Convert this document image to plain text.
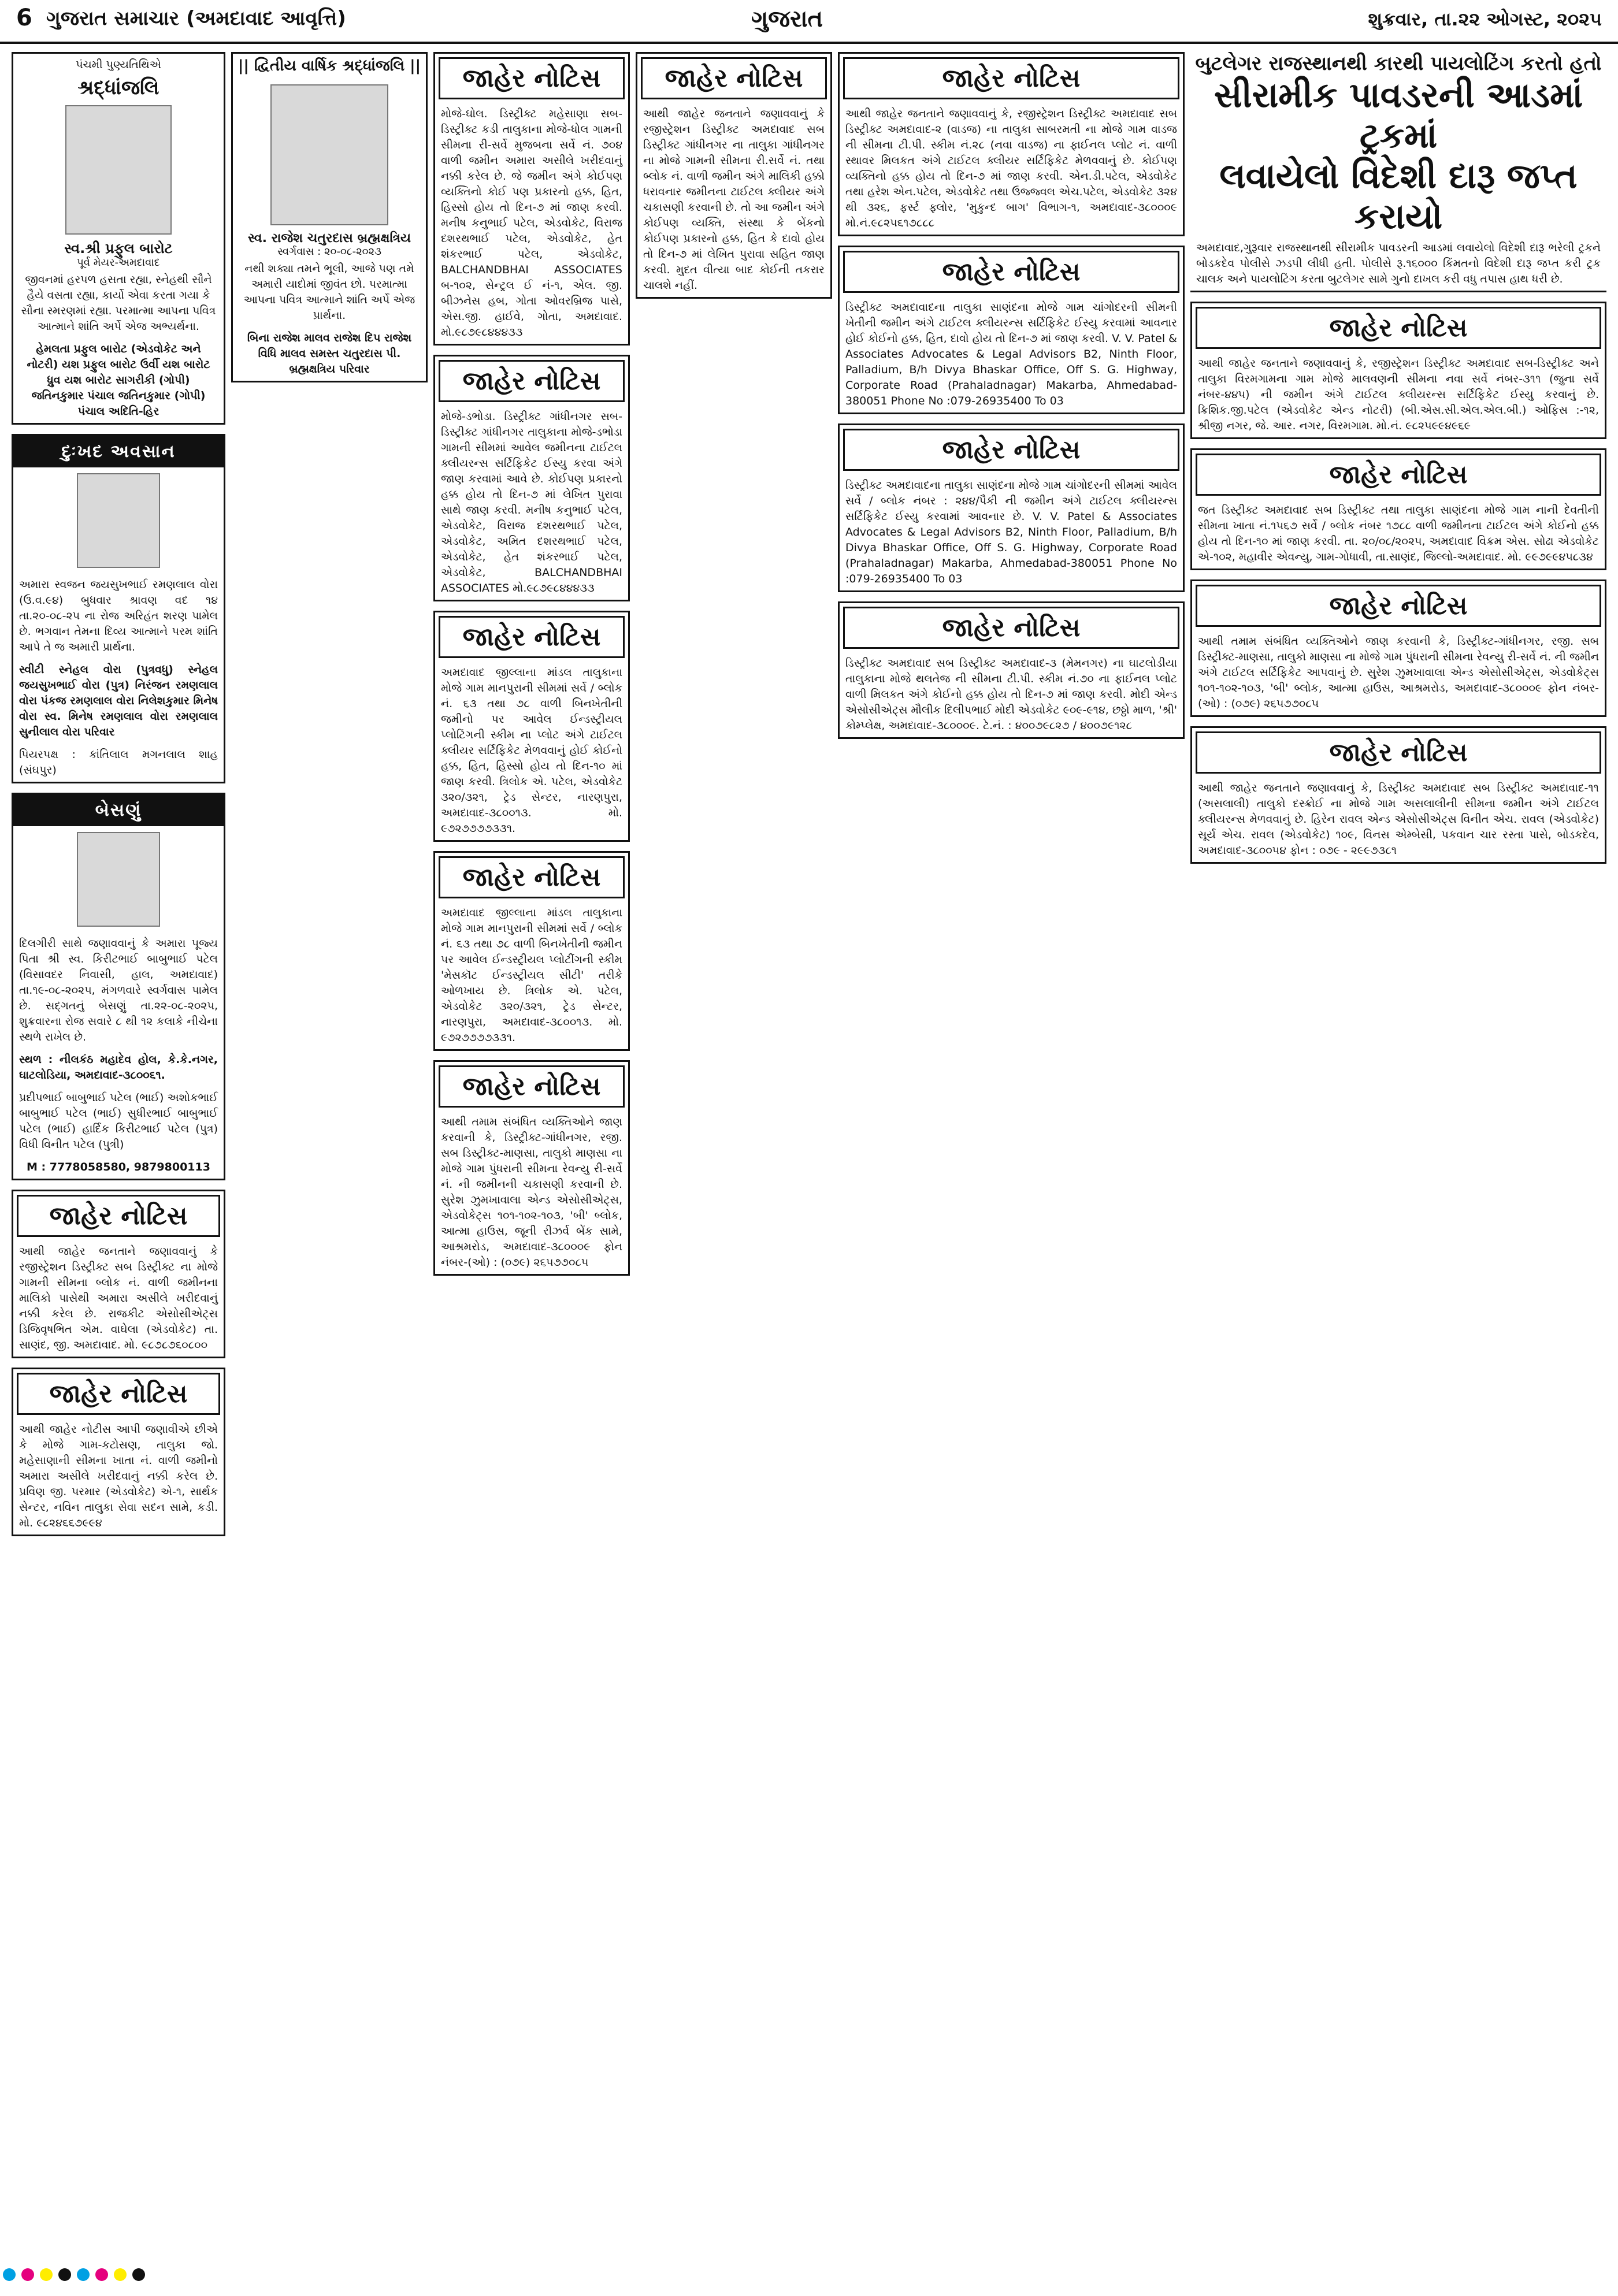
6 ગુજરાત સમાચાર (અમદાવાદ આવૃત્તિ)	ગુજરાત	શુક્રવાર, તા.૨૨ ઓગસ્ટ, ૨૦૨૫
પંચમી પુણ્યતિથિએ
શ્રદ્ધાંજલિ
સ્વ.શ્રી પ્રફુલ બારોટ
પૂર્વ મેયર-અમદાવાદ
જીવનમાં હરપળ હસતા રહ્યા, સ્નેહથી સૌને હૈયે વસતા રહ્યા, કાર્યો એવા કરતા ગયા કે સૌના સ્મરણમાં રહ્યા. પરમાત્મા આપના પવિત્ર આત્માને શાંતિ અર્પે એજ અભ્યર્થના.
હેમલતા પ્રફુલ બારોટ (એડવોકેટ અને નોટરી) યશ પ્રફુલ બારોટ ઉર્વી યશ બારોટ ધ્રુવ યશ બારોટ સાગરીકી (ગોપી) જતિનકુમાર પંચાલ જતિનકુમાર (ગોપી) પંચાલ અદિતિ-હિર
દુઃખદ અવસાન
અમારા સ્વજન જયસુખભાઈ રમણલાલ વોરા (ઉ.વ.૯૪) બુધવાર શ્રાવણ વદ ૧૪ તા.૨૦-૦૮-૨૫ ના રોજ અરિહંત શરણ પામેલ છે. ભગવાન તેમના દિવ્ય આત્માને પરમ શાંતિ આપે તે જ અમારી પ્રાર્થના.
સ્વીટી સ્નેહલ વોરા (પુત્રવધુ) સ્નેહલ જયસુખભાઈ વોરા (પુત્ર) નિરંજન રમણલાલ વોરા પંકજ રમણલાલ વોરા નિલેશકુમાર મિનેષ વોરા સ્વ. મિનેષ રમણલાલ વોરા રમણલાલ સુનીલાલ વોરા પરિવાર
પિયરપક્ષ : કાંતિલાલ મગનલાલ શાહ (સંઘપુર)
બેસણું
દિલગીરી સાથે જણાવવાનું કે અમારા પૂજ્ય પિતા શ્રી સ્વ. કિરીટભાઈ બાબુભાઈ પટેલ (વિસાવદર નિવાસી, હાલ, અમદાવાદ) તા.૧૯-૦૮-૨૦૨૫, મંગળવારે સ્વર્ગવાસ પામેલ છે. સદ્‌ગતનું બેસણું તા.૨૨-૦૮-૨૦૨૫, શુક્રવારના રોજ સવારે ૮ થી ૧૨ કલાકે નીચેના સ્થળે રાખેલ છે.
સ્થળ : નીલકંઠ મહાદેવ હોલ, કે.કે.નગર, ઘાટલોડિયા, અમદાવાદ-૩૮૦૦૬૧.
પ્રદીપભાઈ બાબુભાઈ પટેલ (ભાઈ) અશોકભાઈ બાબુભાઈ પટેલ (ભાઈ) સુધીરભાઈ બાબુભાઈ પટેલ (ભાઈ) હાર્દિક કિરીટભાઈ પટેલ (પુત્ર) વિધી વિનીત પટેલ (પુત્રી)
M : 7778058580, 9879800113
જાહેર નોટિસ
આથી જાહેર જનતાને જણાવવાનું કે રજીસ્ટ્રેશન ડિસ્ટ્રીક્ટ સબ ડિસ્ટ્રીક્ટ ના મોજે ગામની સીમના બ્લોક નં. વાળી જમીનના માલિકો પાસેથી અમારા અસીલે ખરીદવાનું નક્કી કરેલ છે. રાજકીટ એસોસીએટ્સ ડિજિવૃષભિત એમ. વાઘેલા (એડવોકેટ) તા. સાણંદ, જી. અમદાવાદ. મો. ૯૮૭૮૭૬૦૮૦૦
જાહેર નોટિસ
આથી જાહેર નોટીસ આપી જણાવીએ છીએ કે મોજે ગામ-કટોસણ, તાલુકા જો. મહેસાણાની સીમના ખાતા નં. વાળી જમીનો અમારા અસીલે ખરીદવાનું નક્કી કરેલ છે. પ્રવિણ જી. પરમાર (એડવોકેટ) એ-૧, સાર્થક સેન્ટર, નવિન તાલુકા સેવા સદન સામે, કડી. મો. ૯૮૨૪૬૬૭૯૯૪
|| દ્વિતીય વાર્ષિક શ્રદ્ધાંજલિ ||
સ્વ. રાજેશ ચતુરદાસ બ્રહ્મક્ષત્રિય
સ્વર્ગવાસ : ૨૦-૦૮-૨૦૨૩
નથી શક્યા તમને ભૂલી, આજે પણ તમે અમારી યાદોમાં જીવંત છો. પરમાત્મા આપના પવિત્ર આત્માને શાંતિ અર્પે એજ પ્રાર્થના.
બિના રાજેશ માલવ રાજેશ દિપ રાજેશ વિધિ માલવ સમસ્ત ચતુરદાસ પી. બ્રહ્મક્ષત્રિય પરિવાર
જાહેર નોટિસ
મોજે-ઘોલ. ડિસ્ટ્રીક્ટ મહેસાણા સબ-ડિસ્ટ્રીક્ટ કડી તાલુકાના મોજે-ધોલ ગામની સીમના રી-સર્વે મુજબના સર્વે નં. ૭૦૪ વાળી જમીન અમારા અસીલે ખરીદવાનું નક્કી કરેલ છે. જે જમીન અંગે કોઈપણ વ્યક્તિનો કોઈ પણ પ્રકારનો હક્ક, હિત, હિસ્સો હોય તો દિન-૭ માં જાણ કરવી. મનીષ કનુભાઈ પટેલ, એડવોકેટ, વિરાજ દશરથભાઈ પટેલ, એડવોકેટ, હેત શંકરભાઈ પટેલ, એડવોકેટ, BALCHANDBHAI ASSOCIATES બ-૧૦૨, સેન્ટ્રલ ઈ નં-૧, એલ. જી. બીઝનેસ હબ, ગોતા ઓવરબ્રિજ પાસે, એસ.જી. હાઈવે, ગોતા, અમદાવાદ. મો.૯૮૭૯૮૪૪૪૩૩
જાહેર નોટિસ
મોજે-ડભોડા. ડિસ્ટ્રીક્ટ ગાંધીનગર સબ-ડિસ્ટ્રીક્ટ ગાંધીનગર તાલુકાના મોજે-ડભોડા ગામની સીમમાં આવેલ જમીનના ટાઈટલ ક્લીયરન્સ સર્ટિફિકેટ ઈસ્યુ કરવા અંગે જાણ કરવામાં આવે છે. કોઈપણ પ્રકારનો હક્ક હોય તો દિન-૭ માં લેખિત પુરાવા સાથે જાણ કરવી. મનીષ કનુભાઈ પટેલ, એડવોકેટ, વિરાજ દશરથભાઈ પટેલ, એડવોકેટ, અમિત દશરથભાઈ પટેલ, એડવોકેટ, હેત શંકરભાઈ પટેલ, એડવોકેટ, BALCHANDBHAI ASSOCIATES મો.૯૮૭૯૮૪૪૪૩૩
જાહેર નોટિસ
અમદાવાદ જીલ્લાના માંડલ તાલુકાના મોજે ગામ માનપુરાની સીમમાં સર્વે / બ્લોક નં. ૬૩ તથા ૭૮ વાળી બિનખેતીની જમીનો પર આવેલ ઈન્ડસ્ટ્રીયલ પ્લોટિંગની સ્કીમ ના પ્લોટ અંગે ટાઈટલ ક્લીયર સર્ટિફિકેટ મેળવવાનું હોઈ કોઈનો હક્ક, હિત, હિસ્સો હોય તો દિન-૧૦ માં જાણ કરવી. ત્રિલોક એ. પટેલ, એડવોકેટ ૩૨૦/૩૨૧, ટ્રેડ સેન્ટર, નારણપુરા, અમદાવાદ-૩૮૦૦૧૩. મો. ૯૭૨૭૭૭૭૩૩૧.
જાહેર નોટિસ
અમદાવાદ જીલ્લાના માંડલ તાલુકાના મોજે ગામ માનપુરાની સીમમાં સર્વે / બ્લોક નં. ૬૩ તથા ૭૮ વાળી બિનખેતીની જમીન પર આવેલ ઈન્ડસ્ટ્રીયલ પ્લોટીંગની સ્કીમ 'મેસકૉટ ઈન્ડસ્ટ્રીયલ સીટી' તરીકે ઓળખાય છે. ત્રિલોક એ. પટેલ, એડવોકેટ ૩૨૦/૩૨૧, ટ્રેડ સેન્ટર, નારણપુરા, અમદાવાદ-૩૮૦૦૧૩. મો. ૯૭૨૭૭૭૭૩૩૧.
જાહેર નોટિસ
આથી તમામ સંબંધિત વ્યક્તિઓને જાણ કરવાની કે, ડિસ્ટ્રીક્ટ-ગાંધીનગર, રજી. સબ ડિસ્ટ્રીક્ટ-માણસા, તાલુકો માણસા ના મોજે ગામ પુંધરાની સીમના રેવન્યુ રી-સર્વે નં. ની જમીનની ચકાસણી કરવાની છે. સુરેશ ઝુમખાવાલા એન્ડ એસોસીએટ્સ, એડવોકેટ્સ ૧૦૧-૧૦૨-૧૦૩, 'બી' બ્લોક, આત્મા હાઉસ, જૂની રીઝર્વ બેંક સામે, આશ્રમરોડ, અમદાવાદ-૩૮૦૦૦૯ ફોન નંબર-(ઓ) : (૦૭૯) ૨૬૫૭૭૦૮૫
જાહેર નોટિસ
આથી જાહેર જનતાને જણાવવાનું કે રજીસ્ટ્રેશન ડિસ્ટ્રીક્ટ અમદાવાદ સબ ડિસ્ટ્રીક્ટ ગાંધીનગર ના તાલુકા ગાંધીનગર ના મોજે ગામની સીમના રી.સર્વે નં. તથા બ્લોક નં. વાળી જમીન અંગે માલિકી હક્કો ધરાવનાર જમીનના ટાઈટલ ક્લીયર અંગે ચકાસણી કરવાની છે. તો આ જમીન અંગે કોઈપણ વ્યક્તિ, સંસ્થા કે બેંકનો કોઈપણ પ્રકારનો હક્ક, હિત કે દાવો હોય તો દિન-૭ માં લેખિત પુરાવા સહિત જાણ કરવી. મુદત વીત્યા બાદ કોઈની તકરાર ચાલશે નહીં.
જાહેર નોટિસ
આથી જાહેર જનતાને જણાવવાનું કે, રજીસ્ટ્રેશન ડિસ્ટ્રીક્ટ અમદાવાદ સબ ડિસ્ટ્રીક્ટ અમદાવાદ-૨ (વાડજ) ના તાલુકા સાબરમતી ના મોજે ગામ વાડજ ની સીમના ટી.પી. સ્કીમ નં.૨૮ (નવા વાડજ) ના ફાઈનલ પ્લોટ નં. વાળી સ્થાવર મિલકત અંગે ટાઈટલ ક્લીયર સર્ટિફિકેટ મેળવવાનું છે. કોઈપણ વ્યક્તિનો હક્ક હોય તો દિન-૭ માં જાણ કરવી. એન.ડી.પટેલ, એડવોકેટ તથા હરેશ એન.પટેલ, એડવોકેટ તથા ઉજ્જ્વલ એચ.પટેલ, એડવોકેટ ૩૨૪ થી ૩૨૬, ફર્સ્ટ ફ્લોર, 'મુકુન્દ બાગ' વિભાગ-૧, અમદાવાદ-૩૮૦૦૦૯ મો.નં.૯૮૨૫૬૧૭૮૮૮
જાહેર નોટિસ
ડિસ્ટ્રીક્ટ અમદાવાદના તાલુકા સાણંદના મોજે ગામ ચાંગોદરની સીમની ખેતીની જમીન અંગે ટાઈટલ ક્લીયરન્સ સર્ટિફિકેટ ઈસ્યુ કરવામાં આવનાર હોઈ કોઈનો હક્ક, હિત, દાવો હોય તો દિન-૭ માં જાણ કરવી. V. V. Patel & Associates Advocates & Legal Advisors B2, Ninth Floor, Palladium, B/h Divya Bhaskar Office, Off S. G. Highway, Corporate Road (Prahaladnagar) Makarba, Ahmedabad-380051 Phone No :079-26935400 To 03
જાહેર નોટિસ
ડિસ્ટ્રીક્ટ અમદાવાદના તાલુકા સાણંદના મોજે ગામ ચાંગોદરની સીમમાં આવેલ સર્વે / બ્લોક નંબર : ૨૪૪/પૈકી ની જમીન અંગે ટાઈટલ ક્લીયરન્સ સર્ટિફિકેટ ઈસ્યુ કરવામાં આવનાર છે. V. V. Patel & Associates Advocates & Legal Advisors B2, Ninth Floor, Palladium, B/h Divya Bhaskar Office, Off S. G. Highway, Corporate Road (Prahaladnagar) Makarba, Ahmedabad-380051 Phone No :079-26935400 To 03
જાહેર નોટિસ
ડિસ્ટ્રીક્ટ અમદાવાદ સબ ડિસ્ટ્રીક્ટ અમદાવાદ-૩ (મેમનગર) ના ઘાટલોડીયા તાલુકાના મોજે થલતેજ ની સીમના ટી.પી. સ્કીમ નં.૭૦ ના ફાઈનલ પ્લોટ વાળી મિલકત અંગે કોઈનો હક્ક હોય તો દિન-૭ માં જાણ કરવી. મોદી એન્ડ એસોસીએટ્સ મૌલીક દિલીપભાઈ મોદી એડવોકેટ ૯૦૯-૯૧૪, છઠ્ઠો માળ, 'શ્રી' કોમ્પ્લેક્ષ, અમદાવાદ-૩૮૦૦૦૯. ટે.નં. : ૪૦૦૭૯૮૨૭ / ૪૦૦૭૯૧૨૮
બુટલેગર રાજસ્થાનથી કારથી પાયલોટિંગ કરતો હતો
સીરામીક પાવડરની આડમાં ટ્રકમાં
લવાયેલો વિદેશી દારૂ જપ્ત કરાયો
અમદાવાદ,ગુરૂવાર રાજસ્થાનથી સીરામીક પાવડરની આડમાં લવાયેલો વિદેશી દારૂ ભરેલી ટ્રકને બોડકદેવ પોલીસે ઝડપી લીધી હતી. પોલીસે રૂ.૧૬૦૦૦ કિંમતનો વિદેશી દારૂ જપ્ત કરી ટ્રક ચાલક અને પાયલોટિંગ કરતા બુટલેગર સામે ગુનો દાખલ કરી વધુ તપાસ હાથ ધરી છે.
જાહેર નોટિસ
આથી જાહેર જનતાને જણાવવાનું કે, રજીસ્ટ્રેશન ડિસ્ટ્રીક્ટ અમદાવાદ સબ-ડિસ્ટ્રીક્ટ અને તાલુકા વિરમગામના ગામ મોજે માલવણની સીમના નવા સર્વે નંબર-૩૧૧ (જુના સર્વે નંબર-૪૪૫) ની જમીન અંગે ટાઈટલ ક્લીયરન્સ સર્ટિફિકેટ ઈસ્યુ કરવાનું છે. ક્રિશિક.જી.પટેલ (એડવોકેટ એન્ડ નોટરી) (બી.એસ.સી.એલ.એલ.બી.) ઓફિસ :-૧૨, શ્રીજી નગર, જે. આર. નગર, વિરમગામ. મો.નં. ૯૮૨૫૯૯૪૯૬૯
જાહેર નોટિસ
જત ડિસ્ટ્રીક્ટ અમદાવાદ સબ ડિસ્ટ્રીક્ટ તથા તાલુકા સાણંદના મોજે ગામ નાની દેવતીની સીમના ખાતા નં.૧૫૬૭ સર્વે / બ્લોક નંબર ૧૭૮૮ વાળી જમીનના ટાઈટલ અંગે કોઈનો હક્ક હોય તો દિન-૧૦ માં જાણ કરવી. તા. ૨૦/૦૮/૨૦૨૫, અમદાવાદ વિક્રમ એસ. સોઢા એડવોકેટ એ-૧૦૨, મહાવીર એવન્યુ, ગામ-ગોધાવી, તા.સાણંદ, જિલ્લો-અમદાવાદ. મો. ૯૯૭૯૯૪૫૮૩૪
જાહેર નોટિસ
આથી તમામ સંબંધિત વ્યક્તિઓને જાણ કરવાની કે, ડિસ્ટ્રીક્ટ-ગાંધીનગર, રજી. સબ ડિસ્ટ્રીક્ટ-માણસા, તાલુકો માણસા ના મોજે ગામ પુંધરાની સીમના રેવન્યુ રી-સર્વે નં. ની જમીન અંગે ટાઈટલ સર્ટિફિકેટ આપવાનું છે. સુરેશ ઝુમખાવાલા એન્ડ એસોસીએટ્સ, એડવોકેટ્સ ૧૦૧-૧૦૨-૧૦૩, 'બી' બ્લોક, આત્મા હાઉસ, આશ્રમરોડ, અમદાવાદ-૩૮૦૦૦૯ ફોન નંબર-(ઓ) : (૦૭૯) ૨૬૫૭૭૦૮૫
જાહેર નોટિસ
આથી જાહેર જનતાને જણાવવાનું કે, ડિસ્ટ્રીક્ટ અમદાવાદ સબ ડિસ્ટ્રીક્ટ અમદાવાદ-૧૧ (અસલાલી) તાલુકો દસ્ક્રોઈ ના મોજે ગામ અસલાલીની સીમના જમીન અંગે ટાઈટલ ક્લીયરન્સ મેળવવાનું છે. હિરેન રાવલ એન્ડ એસોસીએટ્સ વિનીત એચ. રાવલ (એડવોકેટ) સૂર્ય એચ. રાવલ (એડવોકેટ) ૧૦૯, વિનસ એમ્બેસી, પકવાન ચાર રસ્તા પાસે, બોડકદેવ, અમદાવાદ-૩૮૦૦૫૪ ફોન : ૦૭૯ - ૨૯૯૭૩૮૧
